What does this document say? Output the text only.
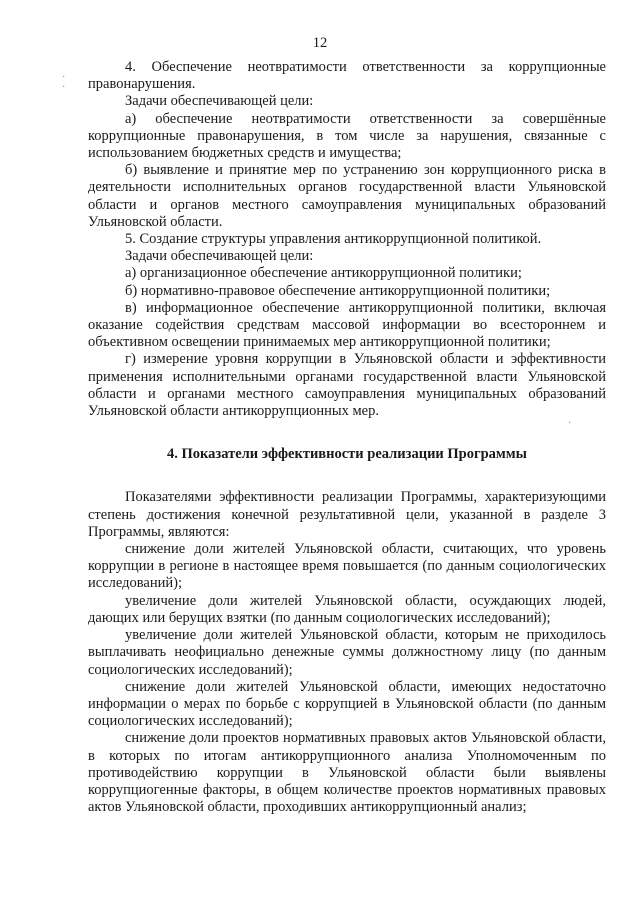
12

4. Обеспечение неотвратимости ответственности за коррупционные правонарушения.

Задачи обеспечивающей цели:

а) обеспечение неотвратимости ответственности за совершённые коррупционные правонарушения, в том числе за нарушения, связанные с использованием бюджетных средств и имущества;

б) выявление и принятие мер по устранению зон коррупционного риска в деятельности исполнительных органов государственной власти Ульяновской области и органов местного самоуправления муниципальных образований Ульяновской области.

5. Создание структуры управления антикоррупционной политикой.

Задачи обеспечивающей цели:

а) организационное обеспечение антикоррупционной политики;

б) нормативно-правовое обеспечение антикоррупционной политики;

в) информационное обеспечение антикоррупционной политики, включая оказание содействия средствам массовой информации во всестороннем и объективном освещении принимаемых мер антикоррупционной политики;

г) измерение уровня коррупции в Ульяновской области и эффективности применения исполнительными органами государственной власти Ульяновской области и органами местного самоуправления муниципальных образований Ульяновской области антикоррупционных мер.

4. Показатели эффективности реализации Программы

Показателями эффективности реализации Программы, характеризующими степень достижения конечной результативной цели, указанной в разделе 3 Программы, являются:

снижение доли жителей Ульяновской области, считающих, что уровень коррупции в регионе в настоящее время повышается (по данным социологических исследований);

увеличение доли жителей Ульяновской области, осуждающих людей, дающих или берущих взятки (по данным социологических исследований);

увеличение доли жителей Ульяновской области, которым не приходилось выплачивать неофициально денежные суммы должностному лицу (по данным социологических исследований);

снижение доли жителей Ульяновской области, имеющих недостаточно информации о мерах по борьбе с коррупцией в Ульяновской области (по данным социологических исследований);

снижение доли проектов нормативных правовых актов Ульяновской области, в которых по итогам антикоррупционного анализа Уполномоченным по противодействию коррупции в Ульяновской области были выявлены коррупциогенные факторы, в общем количестве проектов нормативных правовых актов Ульяновской области, проходивших антикоррупционный анализ;

·
·
·
